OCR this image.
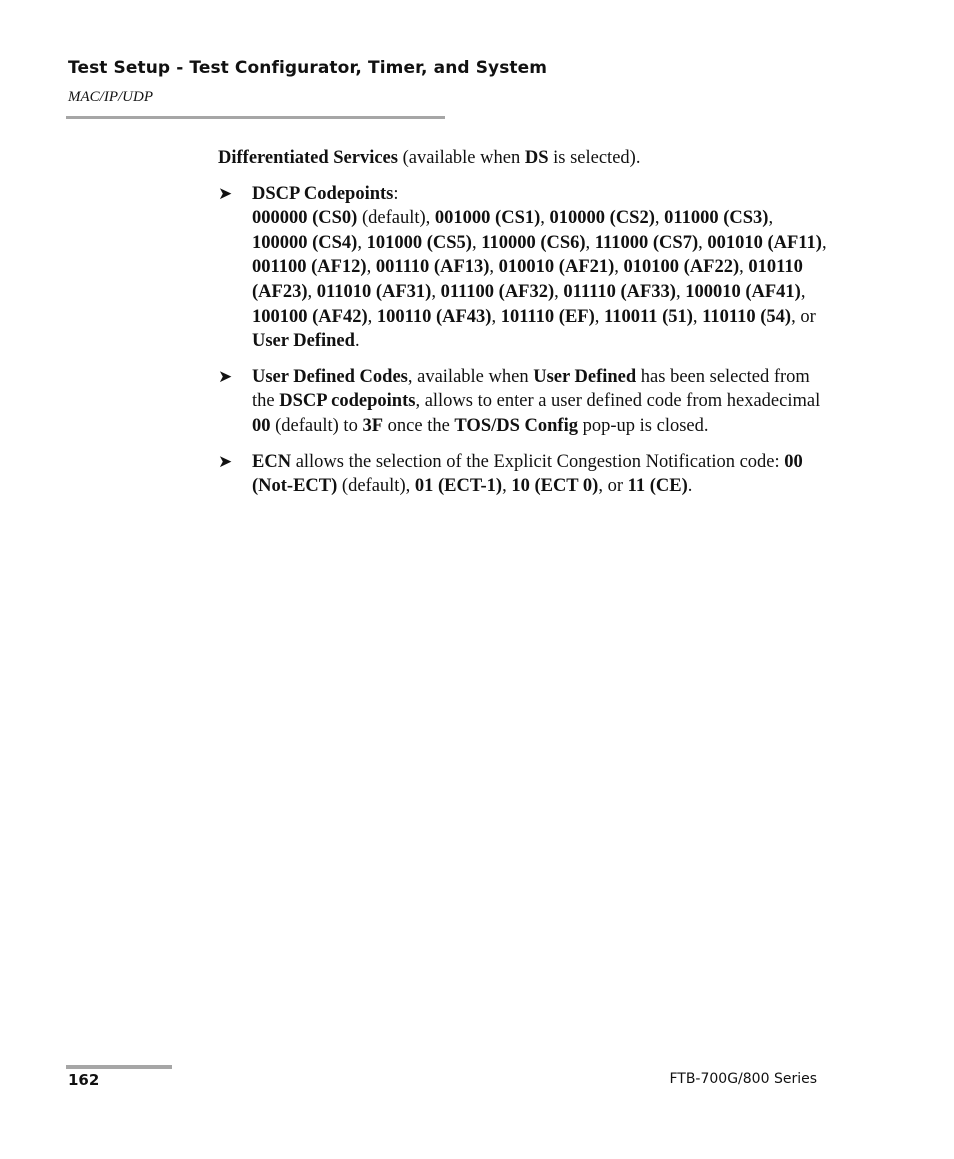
Test Setup - Test Configurator, Timer, and System
MAC/IP/UDP

Differentiated Services (available when DS is selected).

➤ DSCP Codepoints:
000000 (CS0) (default), 001000 (CS1), 010000 (CS2), 011000 (CS3), 100000 (CS4), 101000 (CS5), 110000 (CS6), 111000 (CS7), 001010 (AF11), 001100 (AF12), 001110 (AF13), 010010 (AF21), 010100 (AF22), 010110 (AF23), 011010 (AF31), 011100 (AF32), 011110 (AF33), 100010 (AF41), 100100 (AF42), 100110 (AF43), 101110 (EF), 110011 (51), 110110 (54), or User Defined.
➤ User Defined Codes, available when User Defined has been selected from the DSCP codepoints, allows to enter a user defined code from hexadecimal 00 (default) to 3F once the TOS/DS Config pop-up is closed.
➤ ECN allows the selection of the Explicit Congestion Notification code: 00 (Not-ECT) (default), 01 (ECT-1), 10 (ECT 0), or 11 (CE).
162	FTB-700G/800 Series
